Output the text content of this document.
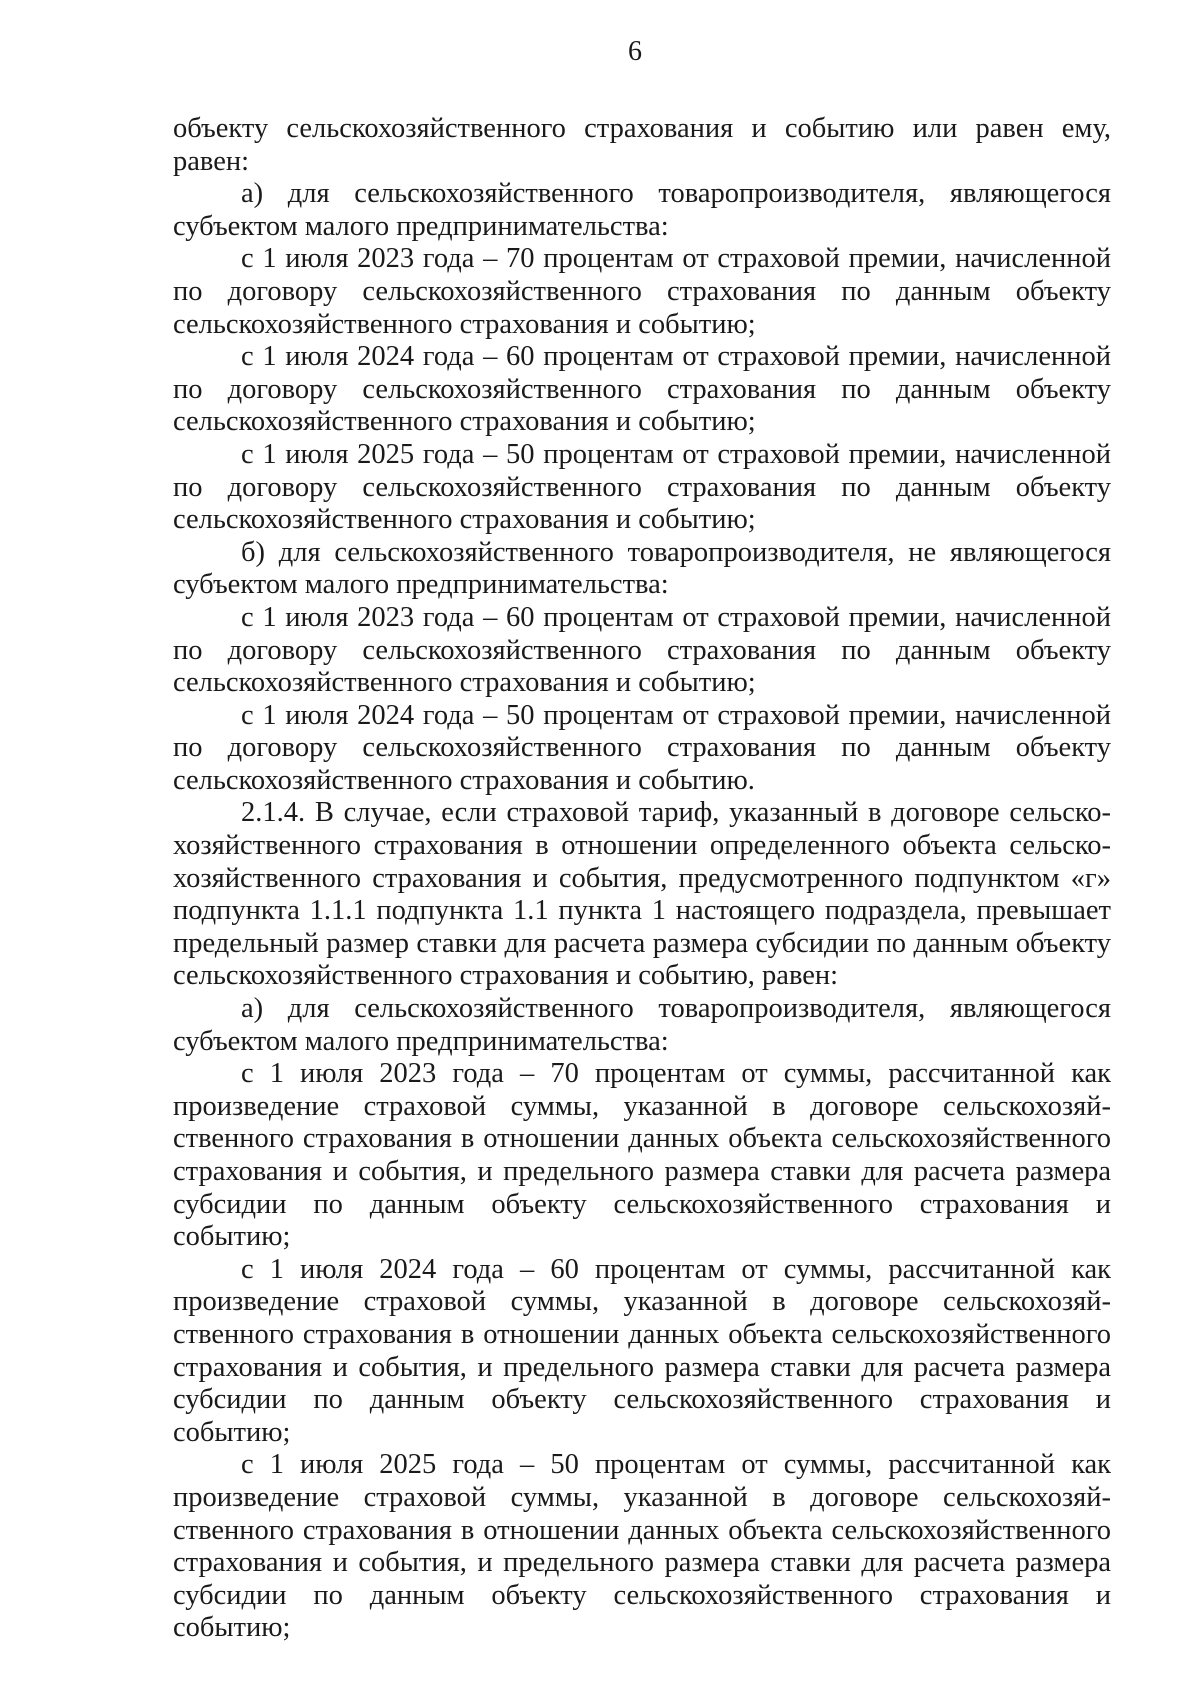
6

объекту сельскохозяйственного страхования и событию или равен ему, равен:

а) для сельскохозяйственного товаропроизводителя, являющегося субъектом малого предпринимательства:

с 1 июля 2023 года – 70 процентам от страховой премии, начисленной по договору сельскохозяйственного страхования по данным объекту сельскохозяйственного страхования и событию;

с 1 июля 2024 года – 60 процентам от страховой премии, начисленной по договору сельскохозяйственного страхования по данным объекту сельскохозяйственного страхования и событию;

с 1 июля 2025 года – 50 процентам от страховой премии, начисленной по договору сельскохозяйственного страхования по данным объекту сельскохозяйственного страхования и событию;

б) для сельскохозяйственного товаропроизводителя, не являющегося субъектом малого предпринимательства:

с 1 июля 2023 года – 60 процентам от страховой премии, начисленной по договору сельскохозяйственного страхования по данным объекту сельскохозяйственного страхования и событию;

с 1 июля 2024 года – 50 процентам от страховой премии, начисленной по договору сельскохозяйственного страхования по данным объекту сельскохозяйственного страхования и событию.

2.1.4. В случае, если страховой тариф, указанный в договоре сельско-хозяйственного страхования в отношении определенного объекта сельско-хозяйственного страхования и события, предусмотренного подпунктом «г» подпункта 1.1.1 подпункта 1.1 пункта 1 настоящего подраздела, превышает предельный размер ставки для расчета размера субсидии по данным объекту сельскохозяйственного страхования и событию, равен:

а) для сельскохозяйственного товаропроизводителя, являющегося субъектом малого предпринимательства:

с 1 июля 2023 года – 70 процентам от суммы, рассчитанной как произведение страховой суммы, указанной в договоре сельскохозяй-ственного страхования в отношении данных объекта сельскохозяйственного страхования и события, и предельного размера ставки для расчета размера субсидии по данным объекту сельскохозяйственного страхования и событию;

с 1 июля 2024 года – 60 процентам от суммы, рассчитанной как произведение страховой суммы, указанной в договоре сельскохозяй-ственного страхования в отношении данных объекта сельскохозяйственного страхования и события, и предельного размера ставки для расчета размера субсидии по данным объекту сельскохозяйственного страхования и событию;

с 1 июля 2025 года – 50 процентам от суммы, рассчитанной как произведение страховой суммы, указанной в договоре сельскохозяй-ственного страхования в отношении данных объекта сельскохозяйственного страхования и события, и предельного размера ставки для расчета размера субсидии по данным объекту сельскохозяйственного страхования и событию;
